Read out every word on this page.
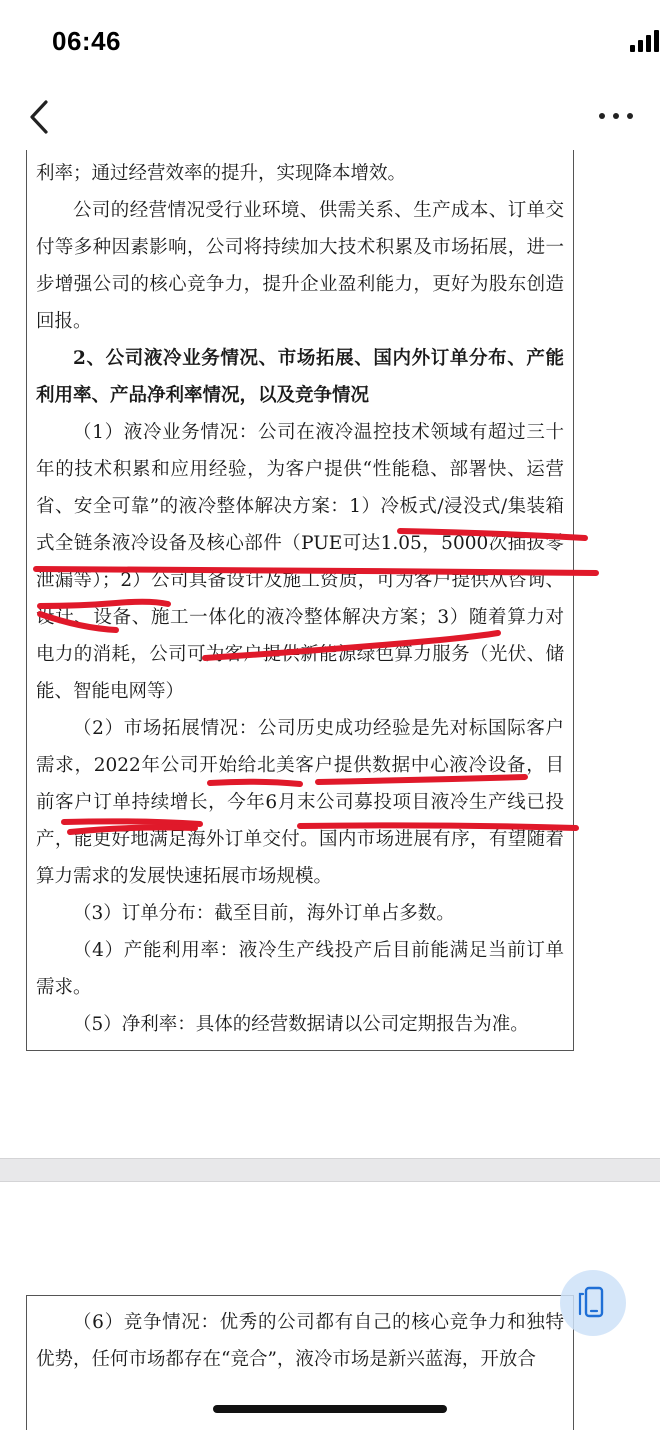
06:46

利率；通过经营效率的提升，实现降本增效。

公司的经营情况受行业环境、供需关系、生产成本、订单交付等多种因素影响，公司将持续加大技术积累及市场拓展，进一步增强公司的核心竞争力，提升企业盈利能力，更好为股东创造回报。

2、公司液冷业务情况、市场拓展、国内外订单分布、产能利用率、产品净利率情况，以及竞争情况

（1）液冷业务情况：公司在液冷温控技术领域有超过三十年的技术积累和应用经验，为客户提供“性能稳、部署快、运营省、安全可靠”的液冷整体解决方案：1）冷板式/浸没式/集装箱式全链条液冷设备及核心部件（PUE可达1.05，5000次插拔零泄漏等）；2）公司具备设计及施工资质，可为客户提供从咨询、设计、设备、施工一体化的液冷整体解决方案；3）随着算力对电力的消耗，公司可为客户提供新能源绿色算力服务（光伏、储能、智能电网等）

（2）市场拓展情况：公司历史成功经验是先对标国际客户需求，2022年公司开始给北美客户提供数据中心液冷设备，目前客户订单持续增长，今年6月末公司募投项目液冷生产线已投产，能更好地满足海外订单交付。国内市场进展有序，有望随着算力需求的发展快速拓展市场规模。

（3）订单分布：截至目前，海外订单占多数。

（4）产能利用率：液冷生产线投产后目前能满足当前订单需求。

（5）净利率：具体的经营数据请以公司定期报告为准。

（6）竞争情况：优秀的公司都有自己的核心竞争力和独特优势，任何市场都存在“竞合”，液冷市场是新兴蓝海，开放合
